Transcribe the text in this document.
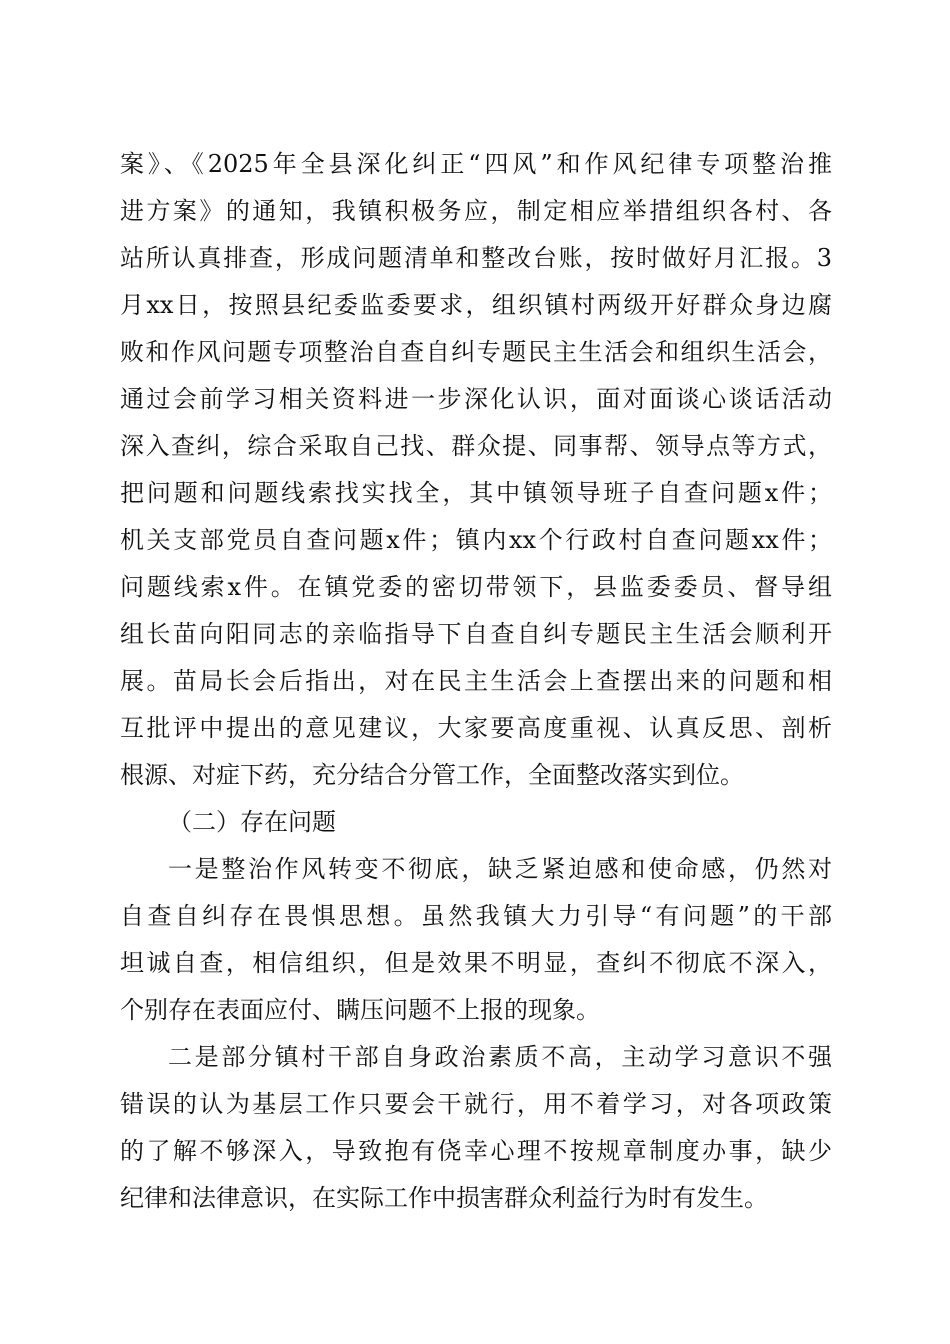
案》、《2025年全县深化纠正“四风”和作风纪律专项整治推
进方案》的通知，我镇积极务应，制定相应举措组织各村、各
站所认真排查，形成问题清单和整改台账，按时做好月汇报。3
月xx日，按照县纪委监委要求，组织镇村两级开好群众身边腐
败和作风问题专项整治自查自纠专题民主生活会和组织生活会，
通过会前学习相关资料进一步深化认识，面对面谈心谈话活动
深入查纠，综合采取自己找、群众提、同事帮、领导点等方式，
把问题和问题线索找实找全，其中镇领导班子自查问题x件；
机关支部党员自查问题x件；镇内xx个行政村自查问题xx件；
问题线索x件。在镇党委的密切带领下，县监委委员、督导组
组长苗向阳同志的亲临指导下自查自纠专题民主生活会顺利开
展。苗局长会后指出，对在民主生活会上查摆出来的问题和相
互批评中提出的意见建议，大家要高度重视、认真反思、剖析
根源、对症下药，充分结合分管工作，全面整改落实到位。
（二）存在问题
一是整治作风转变不彻底，缺乏紧迫感和使命感，仍然对
自查自纠存在畏惧思想。虽然我镇大力引导“有问题”的干部
坦诚自查，相信组织，但是效果不明显，查纠不彻底不深入，
个别存在表面应付、瞒压问题不上报的现象。
二是部分镇村干部自身政治素质不高，主动学习意识不强
错误的认为基层工作只要会干就行，用不着学习，对各项政策
的了解不够深入，导致抱有侥幸心理不按规章制度办事，缺少
纪律和法律意识，在实际工作中损害群众利益行为时有发生。
